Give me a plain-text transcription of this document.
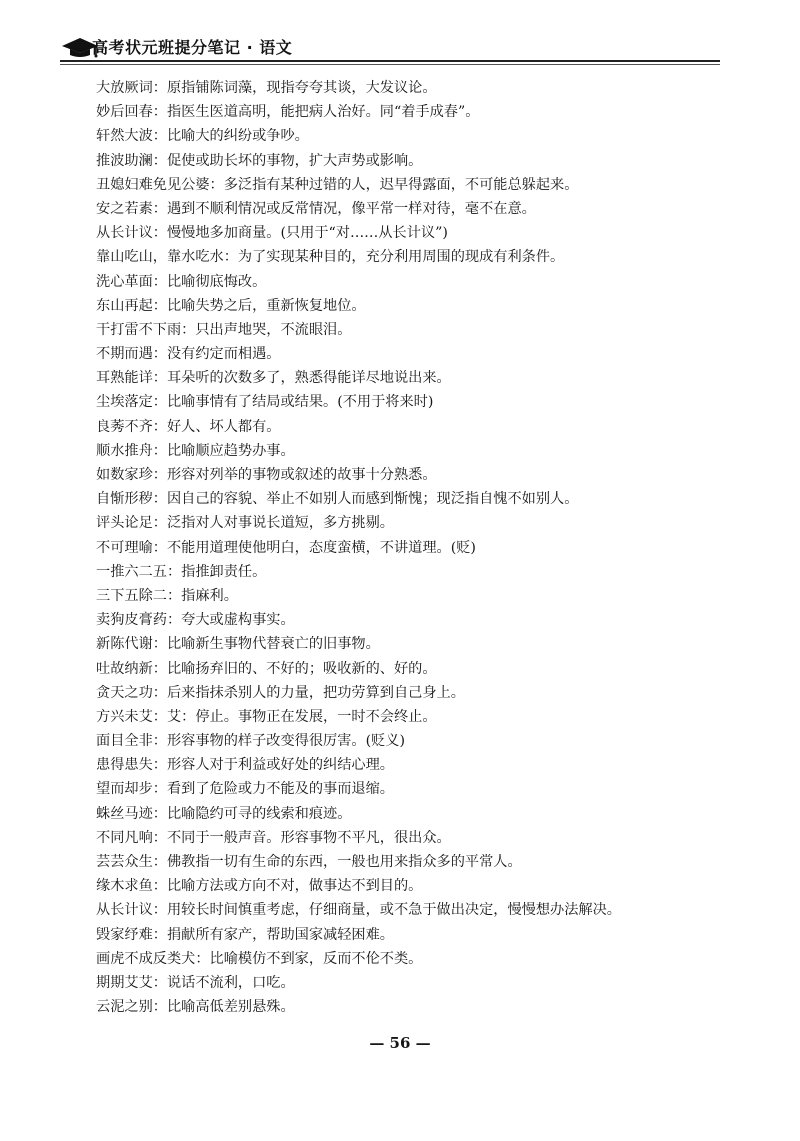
高考状元班提分笔记 · 语文
大放厥词：原指铺陈词藻，现指夸夸其谈，大发议论。
妙后回春：指医生医道高明，能把病人治好。同“着手成春”。
轩然大波：比喻大的纠纷或争吵。
推波助澜：促使或助长坏的事物，扩大声势或影响。
丑媳妇难免见公婆：多泛指有某种过错的人，迟早得露面，不可能总躲起来。
安之若素：遇到不顺利情况或反常情况，像平常一样对待，毫不在意。
从长计议：慢慢地多加商量。(只用于“对……从长计议”)
靠山吃山，靠水吃水：为了实现某种目的，充分利用周围的现成有利条件。
洗心革面：比喻彻底悔改。
东山再起：比喻失势之后，重新恢复地位。
干打雷不下雨：只出声地哭，不流眼泪。
不期而遇：没有约定而相遇。
耳熟能详：耳朵听的次数多了，熟悉得能详尽地说出来。
尘埃落定：比喻事情有了结局或结果。(不用于将来时)
良莠不齐：好人、坏人都有。
顺水推舟：比喻顺应趋势办事。
如数家珍：形容对列举的事物或叙述的故事十分熟悉。
自惭形秽：因自己的容貌、举止不如别人而感到惭愧；现泛指自愧不如别人。
评头论足：泛指对人对事说长道短，多方挑剔。
不可理喻：不能用道理使他明白，态度蛮横，不讲道理。(贬)
一推六二五：指推卸责任。
三下五除二：指麻利。
卖狗皮膏药：夸大或虚构事实。
新陈代谢：比喻新生事物代替衰亡的旧事物。
吐故纳新：比喻扬弃旧的、不好的；吸收新的、好的。
贪天之功：后来指抹杀别人的力量，把功劳算到自己身上。
方兴未艾：艾：停止。事物正在发展，一时不会终止。
面目全非：形容事物的样子改变得很厉害。(贬义)
患得患失：形容人对于利益或好处的纠结心理。
望而却步：看到了危险或力不能及的事而退缩。
蛛丝马迹：比喻隐约可寻的线索和痕迹。
不同凡响：不同于一般声音。形容事物不平凡，很出众。
芸芸众生：佛教指一切有生命的东西，一般也用来指众多的平常人。
缘木求鱼：比喻方法或方向不对，做事达不到目的。
从长计议：用较长时间慎重考虑，仔细商量，或不急于做出决定，慢慢想办法解决。
毁家纾难：捐献所有家产，帮助国家减轻困难。
画虎不成反类犬：比喻模仿不到家，反而不伦不类。
期期艾艾：说话不流利，口吃。
云泥之别：比喻高低差别悬殊。
— 56 —
